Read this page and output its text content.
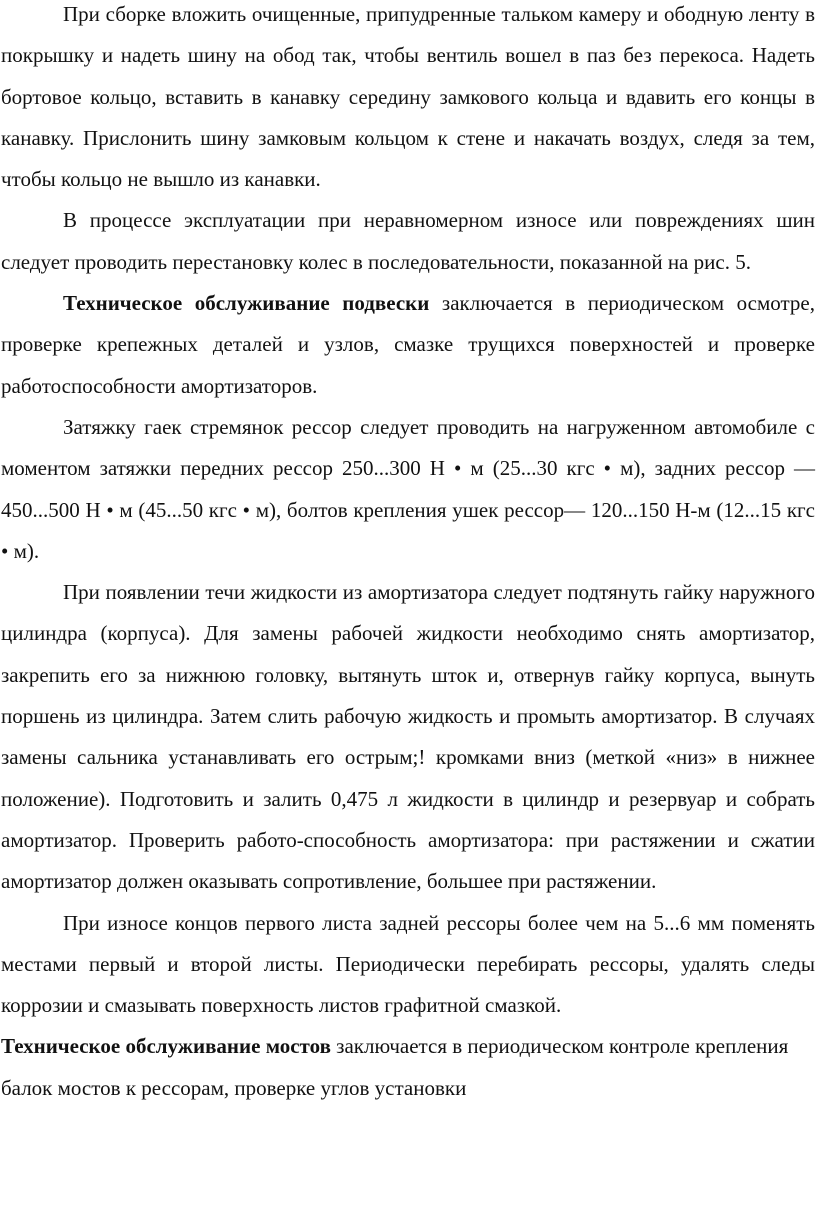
При сборке вложить очищенные, припудренные тальком камеру и ободную ленту в покрышку и надеть шину на обод так, чтобы вентиль вошел в паз без перекоса. Надеть бортовое кольцо, вставить в канавку середину замкового кольца и вдавить его концы в канавку. Прислонить шину замковым кольцом к стене и накачать воздух, следя за тем, чтобы кольцо не вышло из канавки.

В процессе эксплуатации при неравномерном износе или повреждениях шин следует проводить перестановку колес в последовательности, показанной на рис. 5.

Техническое обслуживание подвески заключается в периодическом осмотре, проверке крепежных деталей и узлов, смазке трущихся поверхностей и проверке работоспособности амортизаторов.

Затяжку гаек стремянок рессор следует проводить на нагруженном автомобиле с моментом затяжки передних рессор 250...300 Н • м (25...30 кгс • м), задних рессор — 450...500 Н • м (45...50 кгс • м), болтов крепления ушек рессор— 120...150 Н-м (12...15 кгс • м).

При появлении течи жидкости из амортизатора следует подтянуть гайку наружного цилиндра (корпуса). Для замены рабочей жидкости необходимо снять амортизатор, закрепить его за нижнюю головку, вытянуть шток и, отвернув гайку корпуса, вынуть поршень из цилиндра. Затем слить рабочую жидкость и промыть амортизатор. В случаях замены сальника устанавливать его острым;! кромками вниз (меткой «низ» в нижнее положение). Подготовить и залить 0,475 л жидкости в цилиндр и резервуар и собрать амортизатор. Проверить работо-способность амортизатора: при растяжении и сжатии амортизатор должен оказывать сопротивление, большее при растяжении.

При износе концов первого листа задней рессоры более чем на 5...6 мм поменять местами первый и второй листы. Периодически перебирать рессоры, удалять следы коррозии и смазывать поверхность листов графитной смазкой.

Техническое обслуживание мостов заключается в периодическом контроле крепления балок мостов к рессорам, проверке углов установки
